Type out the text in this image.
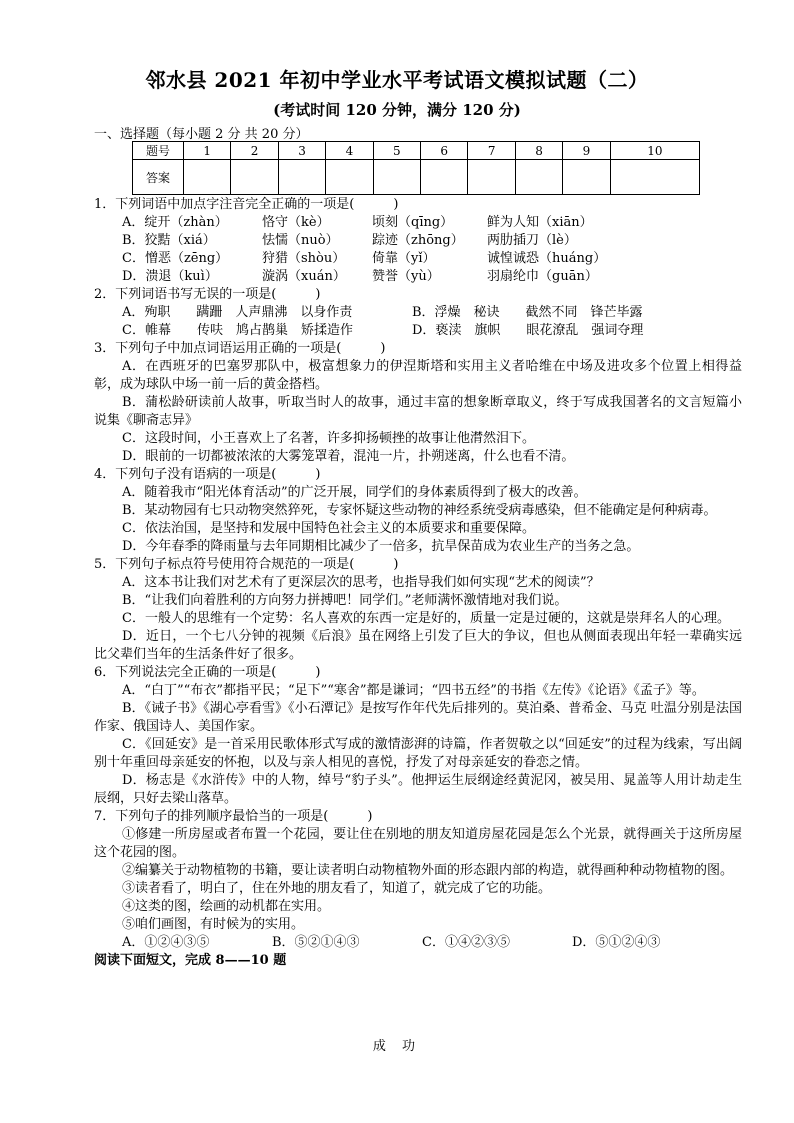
邻水县 2021 年初中学业水平考试语文模拟试题（二）
(考试时间 120 分钟，满分 120 分)
一、选择题（每小题 2 分 共 20 分）
题号	1	2	3	4	5	6	7	8	9	10
答案										

1．下列词语中加点字注音完全正确的一项是(　　　)

A．绽开（zhàn）	恪守（kè）	顷刻（qīng）	鲜为人知（xiān）

B．狡黠（xiá）	怯懦（nuò）	踪迹（zhōng） 两肋插刀（lè）

C．憎恶（zēng）	狩猎（shòu） 倚靠（yǐ）	诚惶诚恐（huáng）

D．溃退（kuì）	漩涡（xuán） 赞誉（yù）	羽扇纶巾（guān）

2．下列词语书写无误的一项是(　　　)

A．殉职　　蹒跚　人声鼎沸　以身作责	B．浮燥　秘诀　　截然不同　锋芒毕露

C．帷幕　　传呋　鸠占鹊巢　矫揉造作	D．亵渎　旗帜　　眼花潦乱　强词夺理

3．下列句子中加点词语运用正确的一项是(　　　)

A．在西班牙的巴塞罗那队中，极富想象力的伊涅斯塔和实用主义者哈维在中场及进攻多个位置上相得益彰，成为球队中场一前一后的黄金搭档。

B．蒲松龄研读前人故事，听取当时人的故事，通过丰富的想象断章取义，终于写成我国著名的文言短篇小说集《聊斋志异》

C．这段时间，小王喜欢上了名著，许多抑扬顿挫的故事让他潸然泪下。

D．眼前的一切都被浓浓的大雾笼罩着，混沌一片，扑朔迷离，什么也看不清。

4．下列句子没有语病的一项是(　　　)

A．随着我市“阳光体育活动”的广泛开展，同学们的身体素质得到了极大的改善。

B．某动物园有七只动物突然猝死，专家怀疑这些动物的神经系统受病毒感染，但不能确定是何种病毒。

C．依法治国，是坚持和发展中国特色社会主义的本质要求和重要保障。

D．今年春季的降雨量与去年同期相比减少了一倍多，抗旱保苗成为农业生产的当务之急。

5．下列句子标点符号使用符合规范的一项是(　　　)

A．这本书让我们对艺术有了更深层次的思考，也指导我们如何实现“艺术的阅读”？

B．“让我们向着胜利的方向努力拼搏吧！同学们。”老师满怀激情地对我们说。

C．一般人的思维有一个定势：名人喜欢的东西一定是好的，质量一定是过硬的，这就是崇拜名人的心理。

D．近日，一个七八分钟的视频《后浪》虽在网络上引发了巨大的争议，但也从侧面表现出年轻一辈确实远比父辈们当年的生活条件好了很多。

6．下列说法完全正确的一项是(　　　)

A．“白丁”“布衣”都指平民；“足下”“寒舍”都是谦词；“四书五经”的书指《左传》《论语》《孟子》等。

B．《诫子书》《湖心亭看雪》《小石潭记》是按写作年代先后排列的。莫泊桑、普希金、马克 吐温分别是法国作家、俄国诗人、美国作家。

C．《回延安》是一首采用民歌体形式写成的激情澎湃的诗篇，作者贺敬之以“回延安”的过程为线索，写出阔别十年重回母亲延安的怀抱，以及与亲人相见的喜悦，抒发了对母亲延安的眷恋之情。

D．杨志是《水浒传》中的人物，绰号“豹子头”。他押运生辰纲途经黄泥冈，被吴用、晁盖等人用计劫走生辰纲，只好去梁山落草。

7．下列句子的排列顺序最恰当的一项是(　　　)

①修建一所房屋或者布置一个花园，要让住在别地的朋友知道房屋花园是怎么个光景，就得画关于这所房屋这个花园的图。

②编纂关于动物植物的书籍，要让读者明白动物植物外面的形态跟内部的构造，就得画种种动物植物的图。

③读者看了，明白了，住在外地的朋友看了，知道了，就完成了它的功能。

④这类的图，绘画的动机都在实用。

⑤咱们画图，有时候为的实用。

A．①②④③⑤	B．⑤②①④③	C．①④②③⑤	D．⑤①②④③

阅读下面短文，完成 8——10 题

成 功
